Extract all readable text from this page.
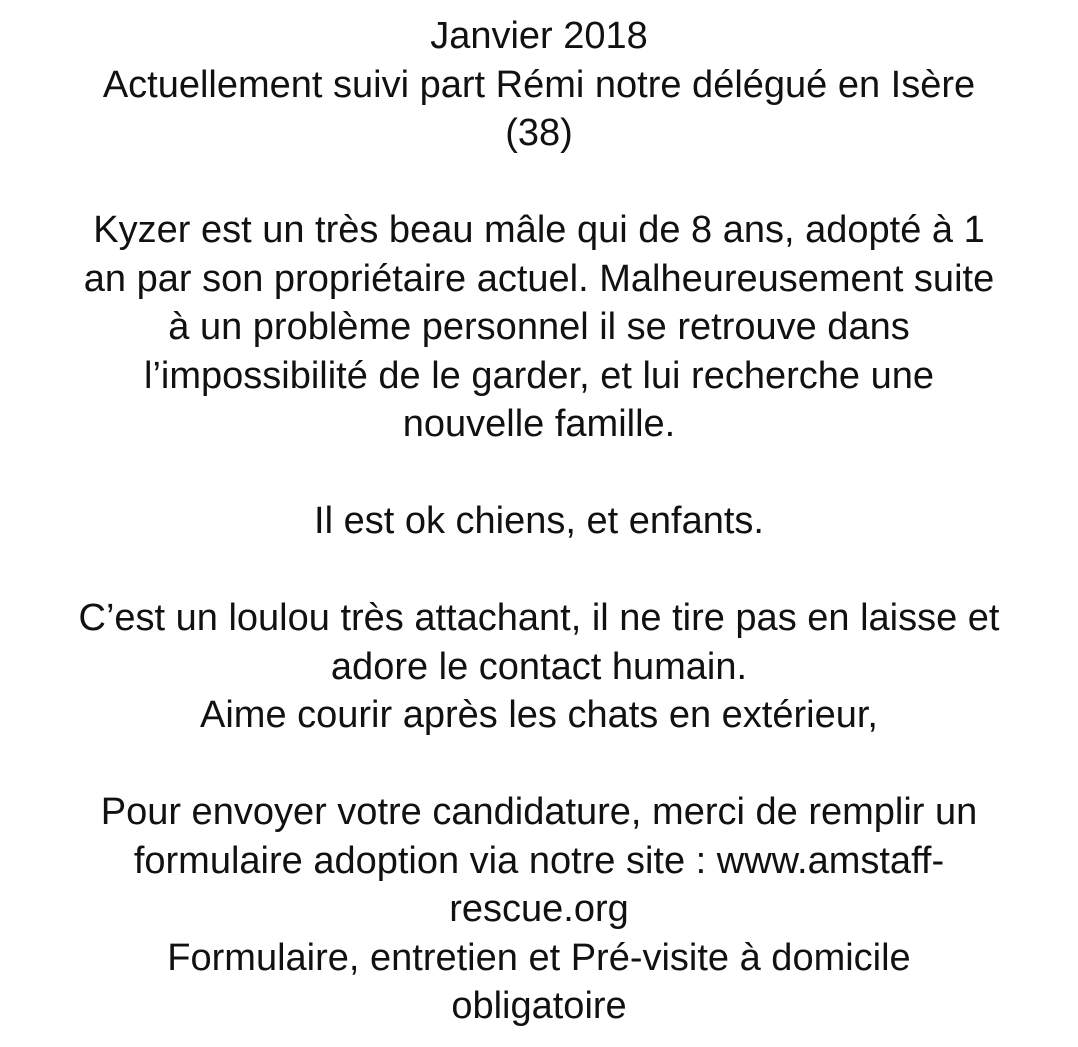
Janvier 2018
Actuellement suivi part Rémi notre délégué en Isère
(38)
Kyzer est un très beau mâle qui de 8 ans, adopté à 1
an par son propriétaire actuel. Malheureusement suite
à un problème personnel il se retrouve dans
l’impossibilité de le garder, et lui recherche une
nouvelle famille.
Il est ok chiens, et enfants.
C’est un loulou très attachant, il ne tire pas en laisse et
adore le contact humain.
Aime courir après les chats en extérieur,
Pour envoyer votre candidature, merci de remplir un
formulaire adoption via notre site : www.amstaff-
rescue.org
Formulaire, entretien et Pré-visite à domicile
obligatoire
